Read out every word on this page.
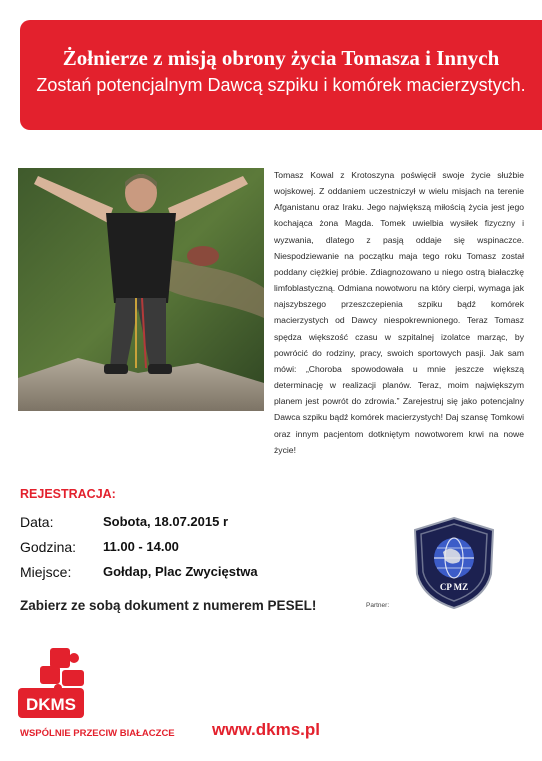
Żołnierze z misją obrony życia Tomasza i Innych
Zostań potencjalnym Dawcą szpiku i komórek macierzystych.
Tomasz Kowal z Krotoszyna poświęcił swoje życie służbie wojskowej. Z oddaniem uczestniczył w wielu misjach na terenie Afganistanu oraz Iraku. Jego największą miłością życia jest jego kochająca żona Magda. Tomek uwielbia wysiłek fizyczny i wyzwania, dlatego z pasją oddaje się wspinaczce. Niespodziewanie na początku maja tego roku Tomasz został poddany ciężkiej próbie. Zdiagnozowano u niego ostrą białaczkę limfoblastyczną. Odmiana nowotworu na który cierpi, wymaga jak najszybszego przeszczepienia szpiku bądź komórek macierzystych od Dawcy niespokrewnionego. Teraz Tomasz spędza większość czasu w szpitalnej izolatce marząc, by powrócić do rodziny, pracy, swoich sportowych pasji. Jak sam mówi: „Choroba spowodowała u mnie jeszcze większą determinację w realizacji planów. Teraz, moim największym planem jest powrót do zdrowia.” Zarejestruj się jako potencjalny Dawca szpiku bądź komórek macierzystych! Daj szansę Tomkowi oraz innym pacjentom dotkniętym nowotworem krwi na nowe życie!
REJESTRACJA:
Data:	Sobota, 18.07.2015 r
Godzina: 11.00 - 14.00
Miejsce: Gołdap, Plac Zwycięstwa
Zabierz ze sobą dokument z numerem PESEL!	Partner:
CP MZ
DKMS
WSPÓLNIE PRZECIW BIAŁACZCE www.dkms.pl
